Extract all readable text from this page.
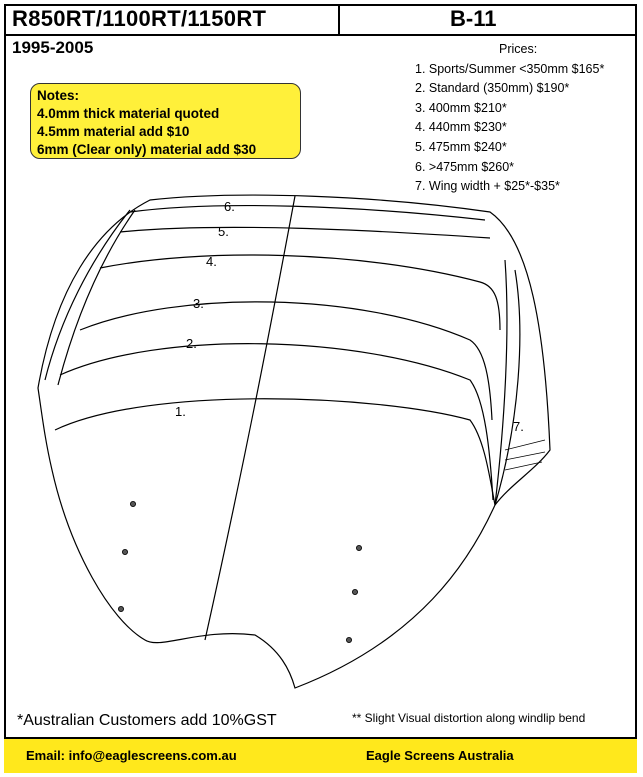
R850RT/1100RT/1150RT	B-11
1995-2005
Notes:
4.0mm thick material quoted
4.5mm material add $10
6mm (Clear only) material add $30
Prices:
1. Sports/Summer <350mm $165*
2. Standard (350mm) $190*
3. 400mm $210*
4. 440mm $230*
5. 475mm $240*
6. >475mm $260*
7. Wing width + $25*-$35*
1.
2.
3.
4.
5.
6.
7.
*Australian Customers add 10%GST	** Slight Visual distortion along windlip bend
Email: info@eaglescreens.com.au	Eagle Screens Australia
